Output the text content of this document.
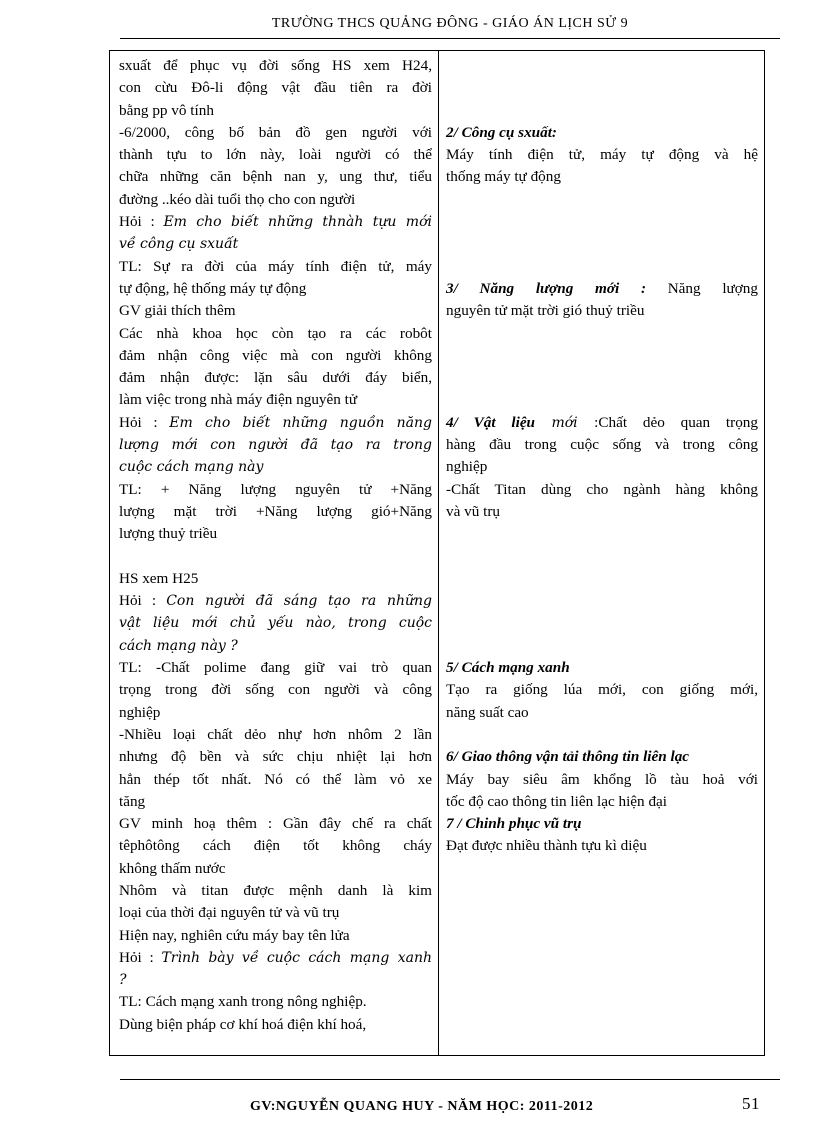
TRƯỜNG THCS QUẢNG ĐÔNG - GIÁO ÁN LỊCH SỬ 9
sxuất để phục vụ đời sống HS xem H24,
con cừu Đô-li động vật đầu tiên ra đời
bằng pp vô tính
-6/2000, công bố bản đồ gen người với
thành tựu to lớn này, loài người có thể
chữa những căn bệnh nan y, ung thư, tiểu
đường ..kéo dài tuổi thọ cho con người
Hỏi : Em cho biết những thnàh tựu mới
về công cụ sxuất
TL: Sự ra đời của máy tính điện tử, máy
tự động, hệ thống máy tự động
GV giải thích thêm
Các nhà khoa học còn tạo ra các robôt
đảm nhận công việc mà con người không
đảm nhận được: lặn sâu dưới đáy biển,
làm việc trong nhà máy điện nguyên tử
Hỏi : Em cho biết những nguồn năng
lượng mới con người đã tạo ra trong
cuộc cách mạng này
TL: + Năng lượng nguyên tử +Năng
lượng mặt trời +Năng lượng gió+Năng
lượng thuỷ triều
HS xem H25
Hỏi : Con người đã sáng tạo ra những
vật liệu mới chủ yếu nào, trong cuộc
cách mạng này ?
TL: -Chất polime đang giữ vai trò quan
trọng trong đời sống con người và công
nghiệp
-Nhiều loại chất dẻo nhự hơn nhôm 2 lần
nhưng độ bền và sức chịu nhiệt lại hơn
hẳn thép tốt nhất. Nó có thể làm vỏ xe
tăng
GV minh hoạ thêm : Gần đây chế ra chất
têphôtông cách điện tốt không cháy
không thấm nước
Nhôm và titan được mệnh danh là kim
loại của thời đại nguyên tử và vũ trụ
Hiện nay, nghiên cứu máy bay tên lửa
Hỏi : Trình bày về cuộc cách mạng xanh
?
TL: Cách mạng xanh trong nông nghiệp.
Dùng biện pháp cơ khí hoá điện khí hoá,
2/ Công cụ sxuất:
Máy tính điện tử, máy tự động và hệ
thống máy tự động
3/ Năng lượng mới : Năng lượng
nguyên tử mặt trời gió thuỷ triều
4/ Vật liệu mới :Chất dẻo quan trọng
hàng đầu trong cuộc sống và trong công
nghiệp
-Chất Titan dùng cho ngành hàng không
và vũ trụ
5/ Cách mạng xanh
Tạo ra giống lúa mới, con giống mới,
năng suất cao
6/ Giao thông vận tải thông tin liên lạc
Máy bay siêu âm khổng lồ tàu hoả với
tốc độ cao thông tin liên lạc hiện đại
7 / Chinh phục vũ trụ
Đạt được nhiều thành tựu kì diệu
GV:NGUYỄN QUANG HUY - NĂM HỌC: 2011-2012	51
